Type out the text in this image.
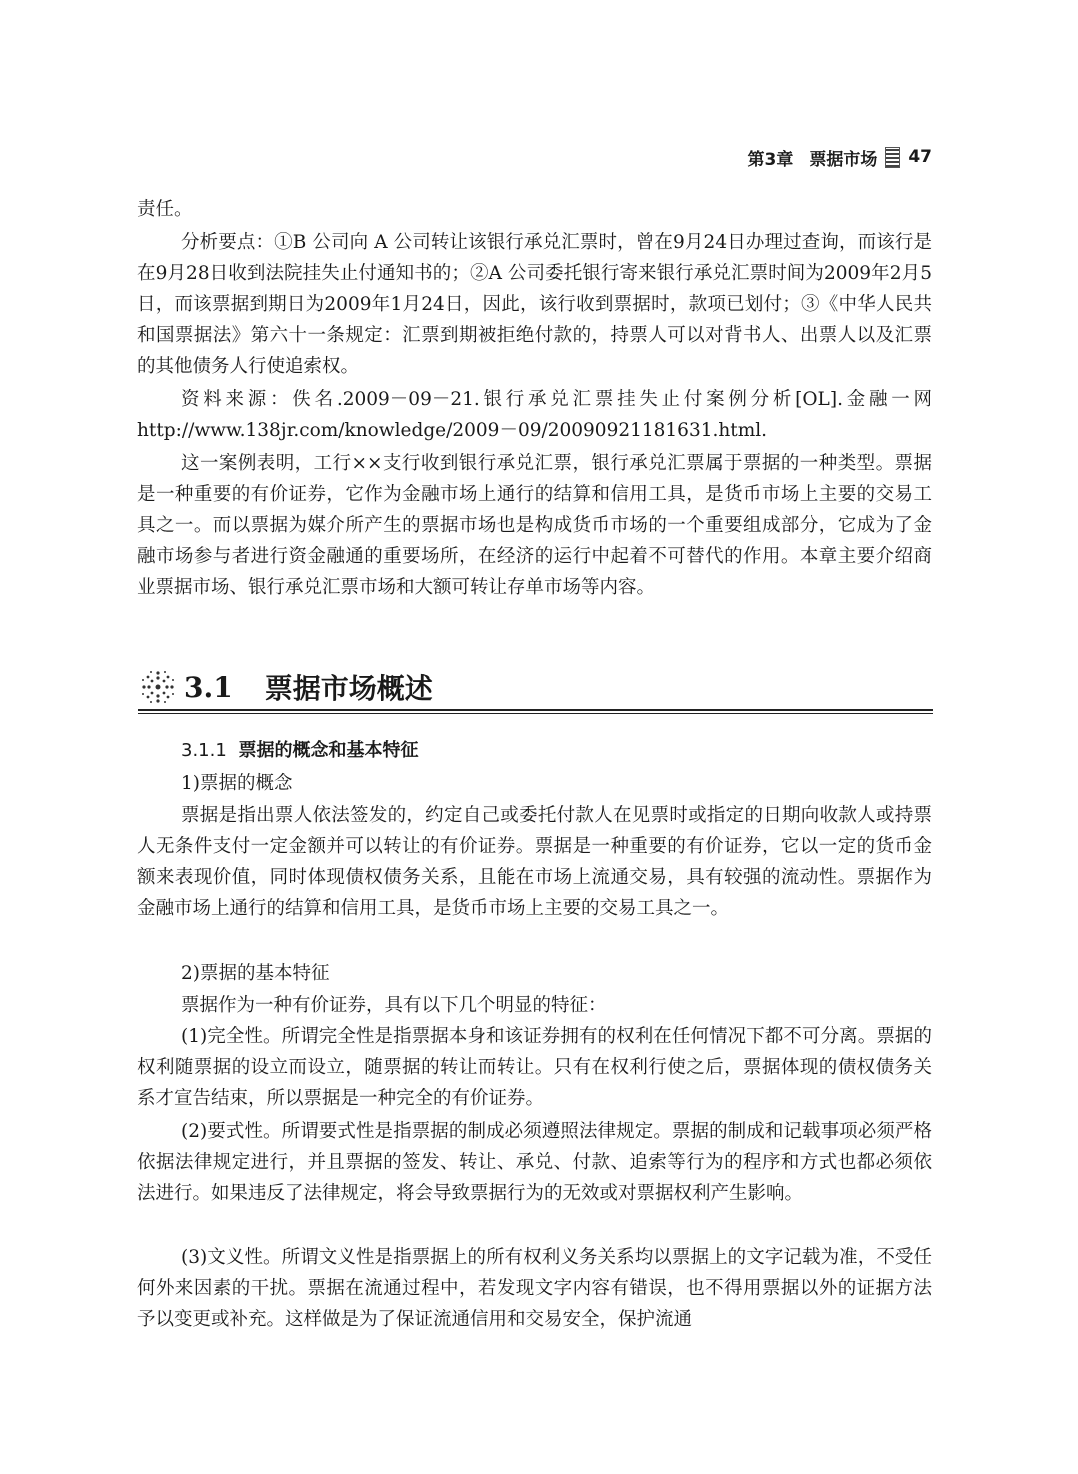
第3章 票据市场 47
责任。
分析要点：①B 公司向 A 公司转让该银行承兑汇票时，曾在9月24日办理过查询，而该行是在9月28日收到法院挂失止付通知书的；②A 公司委托银行寄来银行承兑汇票时间为2009年2月5日，而该票据到期日为2009年1月24日，因此，该行收到票据时，款项已划付；③《中华人民共和国票据法》第六十一条规定：汇票到期被拒绝付款的，持票人可以对背书人、出票人以及汇票的其他债务人行使追索权。
资料来源：佚名.2009－09－21.银行承兑汇票挂失止付案例分析[OL].金融一网 http://www.138jr.com/knowledge/2009－09/20090921181631.html.
这一案例表明，工行××支行收到银行承兑汇票，银行承兑汇票属于票据的一种类型。票据是一种重要的有价证券，它作为金融市场上通行的结算和信用工具，是货币市场上主要的交易工具之一。而以票据为媒介所产生的票据市场也是构成货币市场的一个重要组成部分，它成为了金融市场参与者进行资金融通的重要场所，在经济的运行中起着不可替代的作用。本章主要介绍商业票据市场、银行承兑汇票市场和大额可转让存单市场等内容。
3.1 票据市场概述
3.1.1 票据的概念和基本特征
1)票据的概念
票据是指出票人依法签发的，约定自己或委托付款人在见票时或指定的日期向收款人或持票人无条件支付一定金额并可以转让的有价证券。票据是一种重要的有价证券，它以一定的货币金额来表现价值，同时体现债权债务关系，且能在市场上流通交易，具有较强的流动性。票据作为金融市场上通行的结算和信用工具，是货币市场上主要的交易工具之一。
2)票据的基本特征
票据作为一种有价证券，具有以下几个明显的特征：
(1)完全性。所谓完全性是指票据本身和该证券拥有的权利在任何情况下都不可分离。票据的权利随票据的设立而设立，随票据的转让而转让。只有在权利行使之后，票据体现的债权债务关系才宣告结束，所以票据是一种完全的有价证券。
(2)要式性。所谓要式性是指票据的制成必须遵照法律规定。票据的制成和记载事项必须严格依据法律规定进行，并且票据的签发、转让、承兑、付款、追索等行为的程序和方式也都必须依法进行。如果违反了法律规定，将会导致票据行为的无效或对票据权利产生影响。
(3)文义性。所谓文义性是指票据上的所有权利义务关系均以票据上的文字记载为准，不受任何外来因素的干扰。票据在流通过程中，若发现文字内容有错误，也不得用票据以外的证据方法予以变更或补充。这样做是为了保证流通信用和交易安全，保护流通
